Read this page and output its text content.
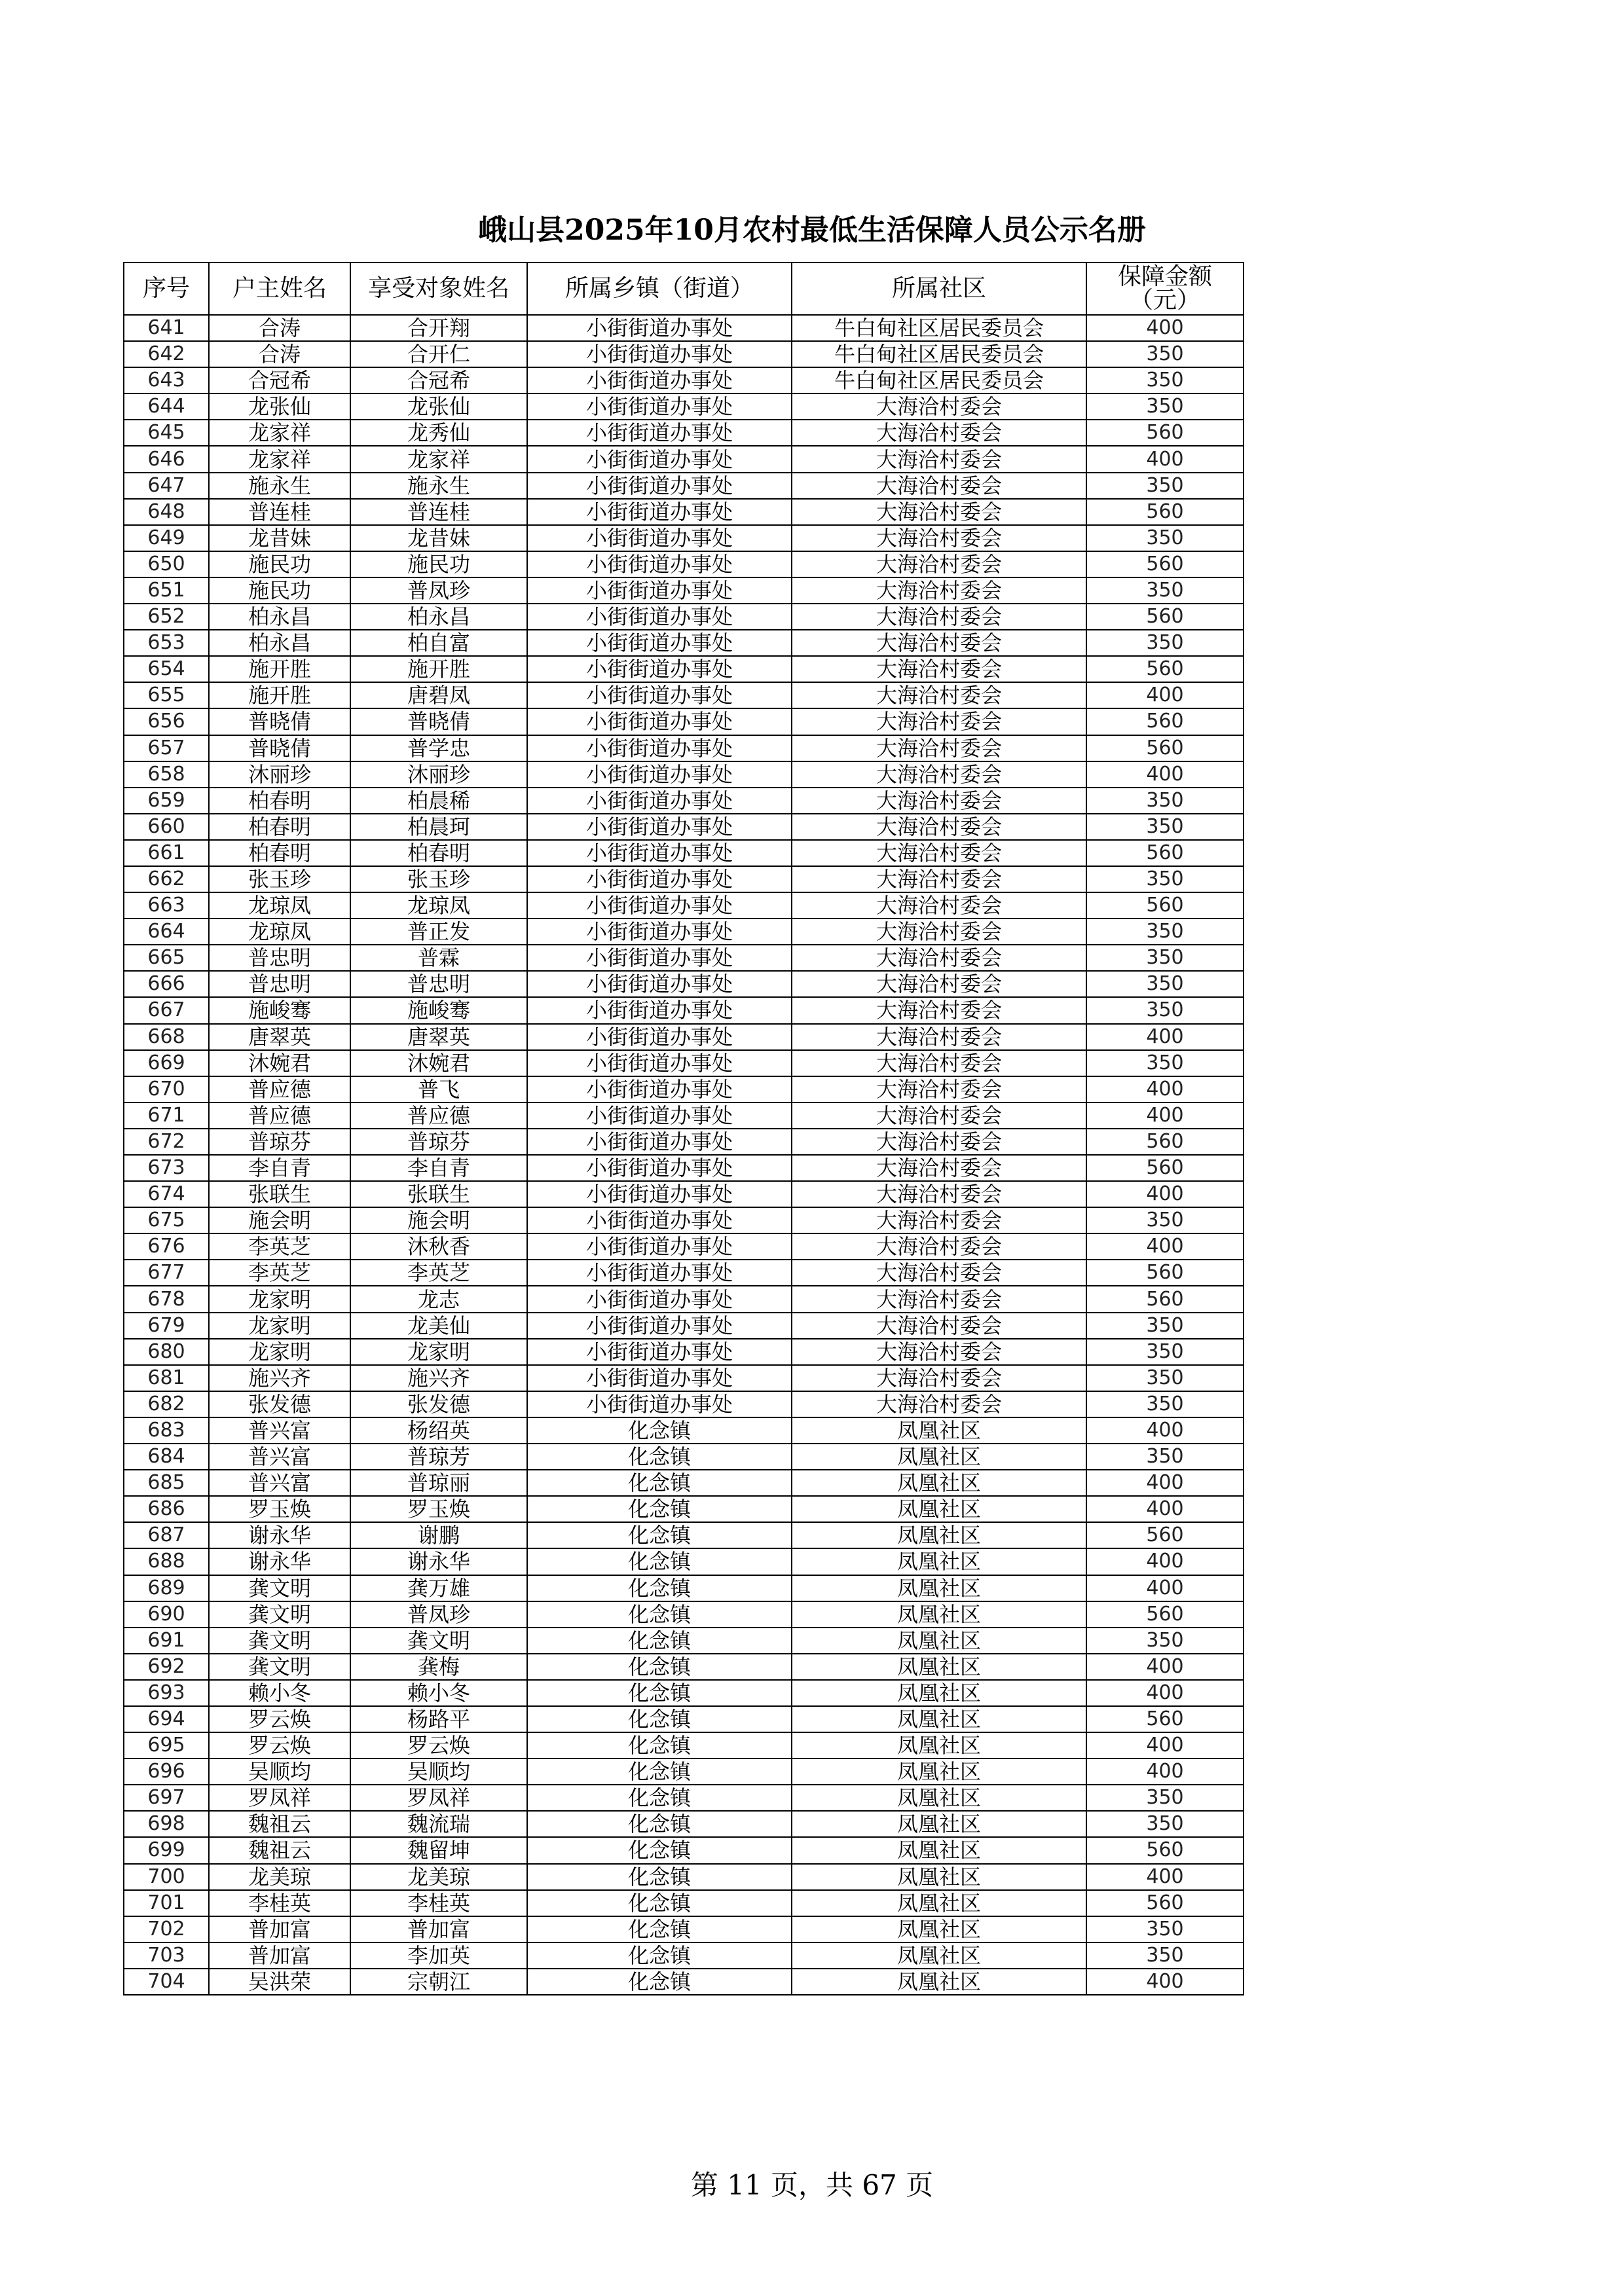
峨山县2025年10月农村最低生活保障人员公示名册
序号	户主姓名	享受对象姓名	所属乡镇（街道）	所属社区	保障金额（元）
641	合涛	合开翔	小街街道办事处	牛白甸社区居民委员会	400
642	合涛	合开仁	小街街道办事处	牛白甸社区居民委员会	350
643	合冠希	合冠希	小街街道办事处	牛白甸社区居民委员会	350
644	龙张仙	龙张仙	小街街道办事处	大海洽村委会	350
645	龙家祥	龙秀仙	小街街道办事处	大海洽村委会	560
646	龙家祥	龙家祥	小街街道办事处	大海洽村委会	400
647	施永生	施永生	小街街道办事处	大海洽村委会	350
648	普连桂	普连桂	小街街道办事处	大海洽村委会	560
649	龙昔妹	龙昔妹	小街街道办事处	大海洽村委会	350
650	施民功	施民功	小街街道办事处	大海洽村委会	560
651	施民功	普凤珍	小街街道办事处	大海洽村委会	350
652	柏永昌	柏永昌	小街街道办事处	大海洽村委会	560
653	柏永昌	柏自富	小街街道办事处	大海洽村委会	350
654	施开胜	施开胜	小街街道办事处	大海洽村委会	560
655	施开胜	唐碧凤	小街街道办事处	大海洽村委会	400
656	普晓倩	普晓倩	小街街道办事处	大海洽村委会	560
657	普晓倩	普学忠	小街街道办事处	大海洽村委会	560
658	沐丽珍	沐丽珍	小街街道办事处	大海洽村委会	400
659	柏春明	柏晨稀	小街街道办事处	大海洽村委会	350
660	柏春明	柏晨珂	小街街道办事处	大海洽村委会	350
661	柏春明	柏春明	小街街道办事处	大海洽村委会	560
662	张玉珍	张玉珍	小街街道办事处	大海洽村委会	350
663	龙琼凤	龙琼凤	小街街道办事处	大海洽村委会	560
664	龙琼凤	普正发	小街街道办事处	大海洽村委会	350
665	普忠明	普霖	小街街道办事处	大海洽村委会	350
666	普忠明	普忠明	小街街道办事处	大海洽村委会	350
667	施峻骞	施峻骞	小街街道办事处	大海洽村委会	350
668	唐翠英	唐翠英	小街街道办事处	大海洽村委会	400
669	沐婉君	沐婉君	小街街道办事处	大海洽村委会	350
670	普应德	普飞	小街街道办事处	大海洽村委会	400
671	普应德	普应德	小街街道办事处	大海洽村委会	400
672	普琼芬	普琼芬	小街街道办事处	大海洽村委会	560
673	李自青	李自青	小街街道办事处	大海洽村委会	560
674	张联生	张联生	小街街道办事处	大海洽村委会	400
675	施会明	施会明	小街街道办事处	大海洽村委会	350
676	李英芝	沐秋香	小街街道办事处	大海洽村委会	400
677	李英芝	李英芝	小街街道办事处	大海洽村委会	560
678	龙家明	龙志	小街街道办事处	大海洽村委会	560
679	龙家明	龙美仙	小街街道办事处	大海洽村委会	350
680	龙家明	龙家明	小街街道办事处	大海洽村委会	350
681	施兴齐	施兴齐	小街街道办事处	大海洽村委会	350
682	张发德	张发德	小街街道办事处	大海洽村委会	350
683	普兴富	杨绍英	化念镇	凤凰社区	400
684	普兴富	普琼芳	化念镇	凤凰社区	350
685	普兴富	普琼丽	化念镇	凤凰社区	400
686	罗玉焕	罗玉焕	化念镇	凤凰社区	400
687	谢永华	谢鹏	化念镇	凤凰社区	560
688	谢永华	谢永华	化念镇	凤凰社区	400
689	龚文明	龚万雄	化念镇	凤凰社区	400
690	龚文明	普凤珍	化念镇	凤凰社区	560
691	龚文明	龚文明	化念镇	凤凰社区	350
692	龚文明	龚梅	化念镇	凤凰社区	400
693	赖小冬	赖小冬	化念镇	凤凰社区	400
694	罗云焕	杨路平	化念镇	凤凰社区	560
695	罗云焕	罗云焕	化念镇	凤凰社区	400
696	吴顺均	吴顺均	化念镇	凤凰社区	400
697	罗凤祥	罗凤祥	化念镇	凤凰社区	350
698	魏祖云	魏流瑞	化念镇	凤凰社区	350
699	魏祖云	魏留坤	化念镇	凤凰社区	560
700	龙美琼	龙美琼	化念镇	凤凰社区	400
701	李桂英	李桂英	化念镇	凤凰社区	560
702	普加富	普加富	化念镇	凤凰社区	350
703	普加富	李加英	化念镇	凤凰社区	350
704	吴洪荣	宗朝江	化念镇	凤凰社区	400
第 11 页，共 67 页
